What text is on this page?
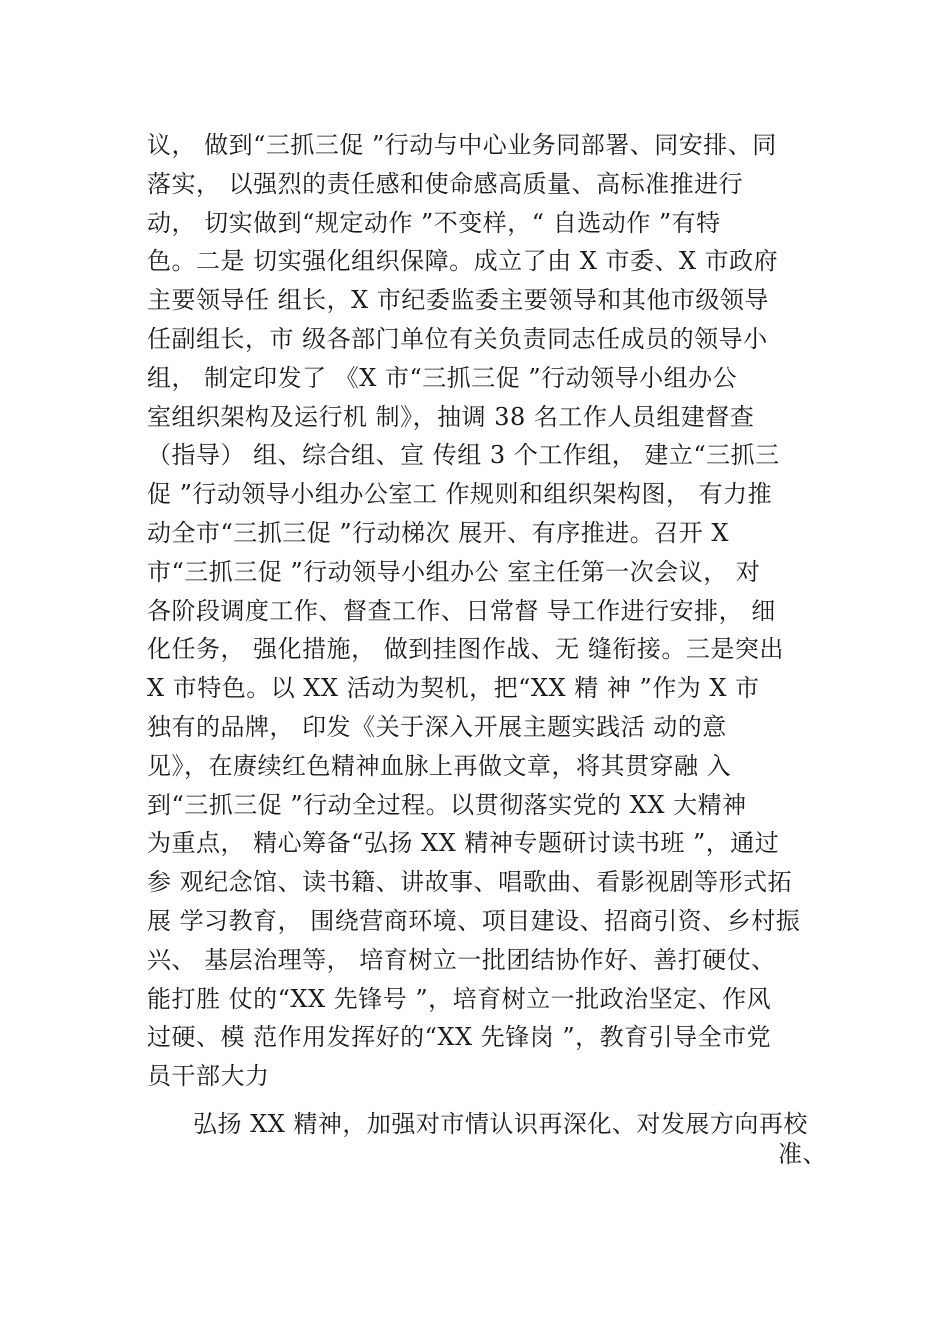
议， 做到“三抓三促 ”行动与中心业务同部署、同安排、同
落实， 以强烈的责任感和使命感高质量、高标准推进行
动， 切实做到“规定动作 ”不变样，“ 自选动作 ”有特
色。二是 切实强化组织保障。成立了由 X 市委、X 市政府
主要领导任 组长，X 市纪委监委主要领导和其他市级领导
任副组长，市 级各部门单位有关负责同志任成员的领导小
组， 制定印发了 《X 市“三抓三促 ”行动领导小组办公
室组织架构及运行机 制》，抽调 38 名工作人员组建督查
（指导） 组、综合组、宣 传组 3 个工作组， 建立“三抓三
促 ”行动领导小组办公室工 作规则和组织架构图， 有力推
动全市“三抓三促 ”行动梯次 展开、有序推进。召开 X
市“三抓三促 ”行动领导小组办公 室主任第一次会议， 对
各阶段调度工作、督查工作、日常督 导工作进行安排， 细
化任务， 强化措施， 做到挂图作战、无 缝衔接。三是突出
X 市特色。以 XX 活动为契机，把“XX 精 神 ”作为 X 市
独有的品牌， 印发《关于深入开展主题实践活 动的意
见》，在赓续红色精神血脉上再做文章，将其贯穿融 入
到“三抓三促 ”行动全过程。以贯彻落实党的 XX 大精神
为重点， 精心筹备“弘扬 XX 精神专题研讨读书班 ”，通过
参 观纪念馆、读书籍、讲故事、唱歌曲、看影视剧等形式拓
展 学习教育， 围绕营商环境、项目建设、招商引资、乡村振
兴、 基层治理等， 培育树立一批团结协作好、善打硬仗、
能打胜 仗的“XX 先锋号 ”，培育树立一批政治坚定、作风
过硬、模 范作用发挥好的“XX 先锋岗 ”，教育引导全市党
员干部大力
弘扬 XX 精神，加强对市情认识再深化、对发展方向再校
准、
